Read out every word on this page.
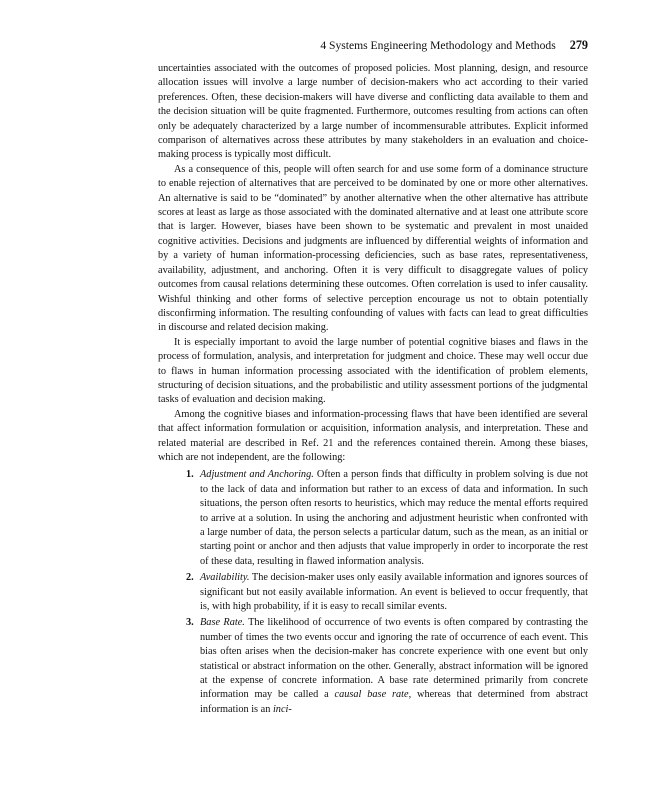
4 Systems Engineering Methodology and Methods 279

uncertainties associated with the outcomes of proposed policies. Most planning, design, and resource allocation issues will involve a large number of decision-makers who act according to their varied preferences. Often, these decision-makers will have diverse and conflicting data available to them and the decision situation will be quite fragmented. Furthermore, outcomes resulting from actions can often only be adequately characterized by a large number of incommensurable attributes. Explicit informed comparison of alternatives across these attributes by many stakeholders in an evaluation and choice-making process is typically most difficult.

As a consequence of this, people will often search for and use some form of a dominance structure to enable rejection of alternatives that are perceived to be dominated by one or more other alternatives. An alternative is said to be “dominated” by another alternative when the other alternative has attribute scores at least as large as those associated with the dominated alternative and at least one attribute score that is larger. However, biases have been shown to be systematic and prevalent in most unaided cognitive activities. Decisions and judgments are influenced by differential weights of information and by a variety of human information-processing deficiencies, such as base rates, representativeness, availability, adjustment, and anchoring. Often it is very difficult to disaggregate values of policy outcomes from causal relations determining these outcomes. Often correlation is used to infer causality. Wishful thinking and other forms of selective perception encourage us not to obtain potentially disconfirming information. The resulting confounding of values with facts can lead to great difficulties in discourse and related decision making.

It is especially important to avoid the large number of potential cognitive biases and flaws in the process of formulation, analysis, and interpretation for judgment and choice. These may well occur due to flaws in human information processing associated with the identification of problem elements, structuring of decision situations, and the probabilistic and utility assessment portions of the judgmental tasks of evaluation and decision making.

Among the cognitive biases and information-processing flaws that have been identified are several that affect information formulation or acquisition, information analysis, and interpretation. These and related material are described in Ref. 21 and the references contained therein. Among these biases, which are not independent, are the following:

1. Adjustment and Anchoring. Often a person finds that difficulty in problem solving is due not to the lack of data and information but rather to an excess of data and information. In such situations, the person often resorts to heuristics, which may reduce the mental efforts required to arrive at a solution. In using the anchoring and adjustment heuristic when confronted with a large number of data, the person selects a particular datum, such as the mean, as an initial or starting point or anchor and then adjusts that value improperly in order to incorporate the rest of these data, resulting in flawed information analysis.
2. Availability. The decision-maker uses only easily available information and ignores sources of significant but not easily available information. An event is believed to occur frequently, that is, with high probability, if it is easy to recall similar events.
3. Base Rate. The likelihood of occurrence of two events is often compared by contrasting the number of times the two events occur and ignoring the rate of occurrence of each event. This bias often arises when the decision-maker has concrete experience with one event but only statistical or abstract information on the other. Generally, abstract information will be ignored at the expense of concrete information. A base rate determined primarily from concrete information may be called a causal base rate, whereas that determined from abstract information is an inci-
